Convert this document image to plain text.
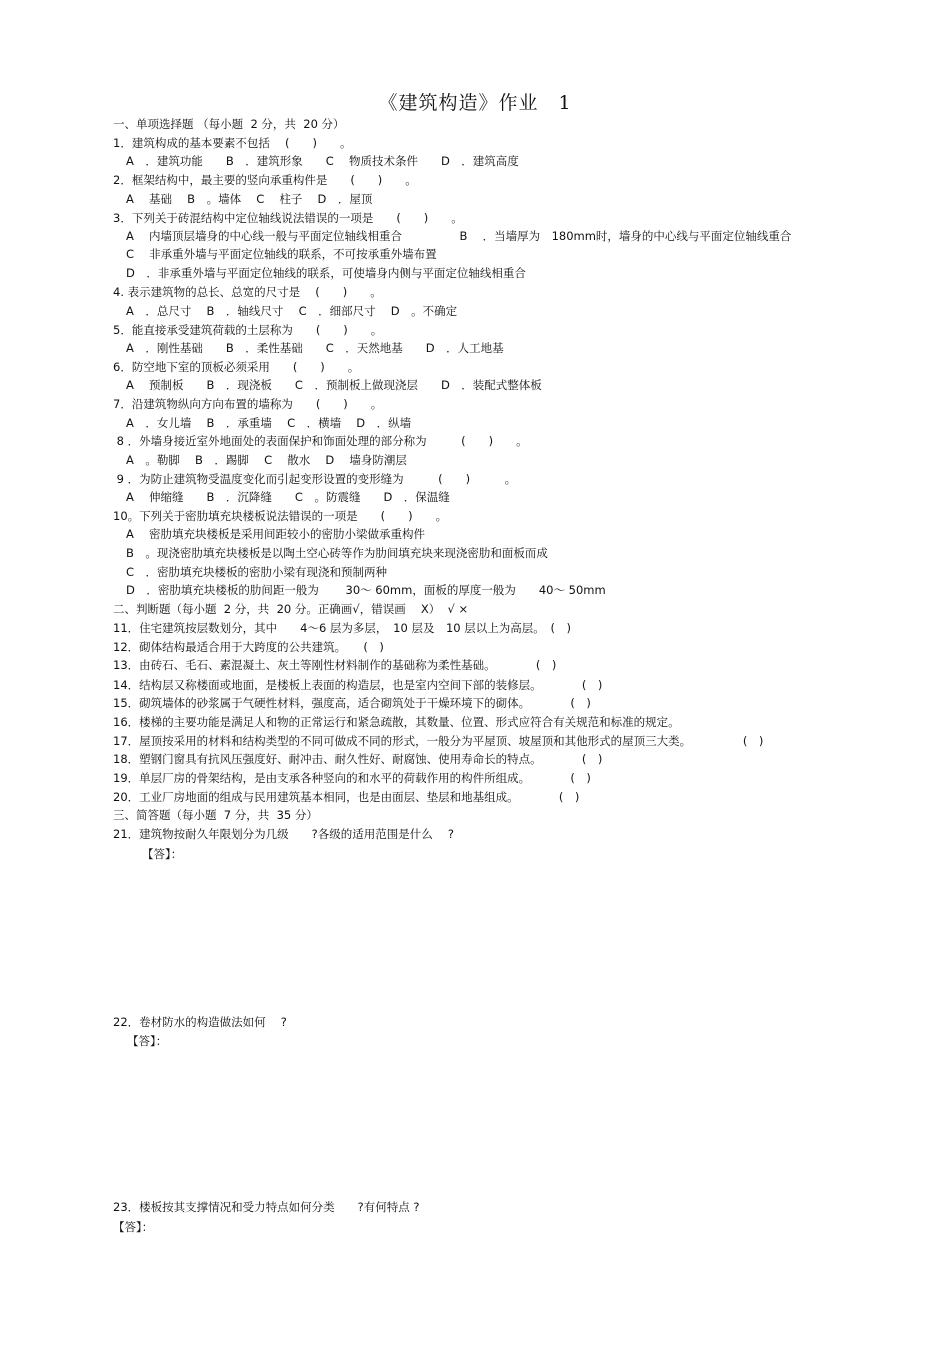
《建筑构造》作业　1
一、单项选择题 （每小题  2 分，共  20 分）
1．建筑构成的基本要素不包括　 (　　)　　。
A　．建筑功能　　B　．建筑形象　　C　 物质技术条件　　D　．建筑高度
2．框架结构中，最主要的竖向承重构件是　　(　　)　　。
A　 基础　 B　。墙体　 C　 柱子　 D　．屋顶
3．下列关于砖混结构中定位轴线说法错误的一项是　　(　　)　　。
A　 内墙顶层墙身的中心线一般与平面定位轴线相重合　　　　　B　 ．当墙厚为　180mm时，墙身的中心线与平面定位轴线重合
C　 非承重外墙与平面定位轴线的联系，不可按承重外墙布置
D　．非承重外墙与平面定位轴线的联系，可使墙身内侧与平面定位轴线相重合
4. 表示建筑物的总长、总宽的尺寸是　 (　　)　　。
A　．总尺寸　 B　．轴线尺寸　 C　．细部尺寸　 D　。不确定
5．能直接承受建筑荷载的土层称为　　(　　)　　。
A　．刚性基础　　B　．柔性基础　　C　．天然地基　　D　．人工地基
6．防空地下室的顶板必须采用　　(　　)　　。
A　 预制板　　B　．现浇板　　C　．预制板上做现浇层　　D　．装配式整体板
7．沿建筑物纵向方向布置的墙称为　　(　　)　　。
A　．女儿墙　 B　．承重墙　 C　．横墙　 D　．纵墙
8 ．外墙身接近室外地面处的表面保护和饰面处理的部分称为　　　(　　)　　。
A　。勒脚　 B　．踢脚　 C　 散水　 D　 墙身防潮层
9 ．为防止建筑物受温度变化而引起变形设置的变形缝为　　　(　　)　　　。
A　 伸缩缝　　B　．沉降缝　　C　。防震缝　　D　．保温缝
10。下列关于密肋填充块楼板说法错误的一项是　　(　　)　　。
A　 密肋填充块楼板是采用间距较小的密肋小梁做承重构件
B　。现浇密肋填充块楼板是以陶土空心砖等作为肋间填充块来现浇密肋和面板而成
C　．密肋填充块楼板的密肋小梁有现浇和预制两种
D　．密肋填充块楼板的肋间距一般为　　 30～ 60mm，面板的厚度一般为　　40～ 50mm
二、判断题（每小题  2 分，共  20 分。正确画√，错误画　 X）  √ ×
11．住宅建筑按层数划分，其中　　4～6 层为多层，　10 层及　10 层以上为高层。　(　)
12．砌体结构最适合用于大跨度的公共建筑。　　(　)
13．由砖石、毛石、素混凝土、灰土等刚性材料制作的基础称为柔性基础。　　　　(　)
14．结构层又称楼面或地面，是楼板上表面的构造层，也是室内空间下部的装修层。　　　　(　)
15．砌筑墙体的砂浆属于气硬性材料，强度高，适合砌筑处于干燥环境下的砌体。　　　　(　)
16．楼梯的主要功能是满足人和物的正常运行和紧急疏散，其数量、位置、形式应符合有关规范和标准的规定。
17．屋顶按采用的材料和结构类型的不同可做成不同的形式，一般分为平屋顶、坡屋顶和其他形式的屋顶三大类。　　　　　(　)
18．塑钢门窗具有抗风压强度好、耐冲击、耐久性好、耐腐蚀、使用寿命长的特点。　　　　(　)
19．单层厂房的骨架结构，是由支承各种竖向的和水平的荷载作用的构件所组成。　　　　(　)
20．工业厂房地面的组成与民用建筑基本相同，也是由面层、垫层和地基组成。　　　　(　)
三、简答题（每小题  7 分，共  35 分）
21．建筑物按耐久年限划分为几级　　?各级的适用范围是什么　 ?
【答】：
22．卷材防水的构造做法如何　 ?
【答】：
23．楼板按其支撑情况和受力特点如何分类　　?有何特点 ?
【答】：
